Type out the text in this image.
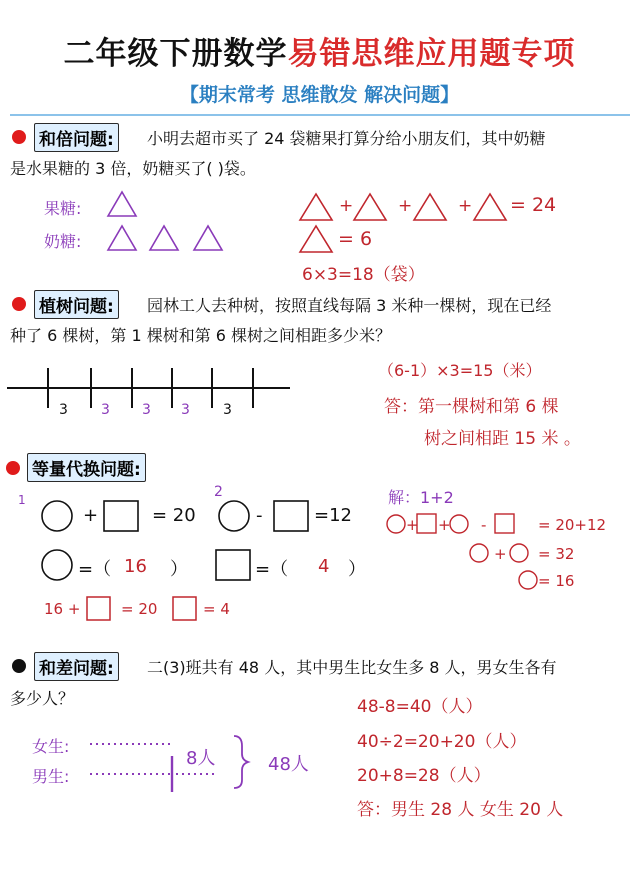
二年级下册数学易错思维应用题专项
【期末常考 思维散发 解决问题】
和倍问题:	小明去超市买了 24 袋糖果打算分给小朋友们，其中奶糖
是水果糖的 3 倍，奶糖买了( )袋。
果糖:
奶糖:
+	+	+ = 24
= 6
6×3=18（袋）
植树问题:	园林工人去种树，按照直线每隔 3 米种一棵树，现在已经
种了 6 棵树，第 1 棵树和第 6 棵树之间相距多少米？
3 3 3 3 3
（6-1）×3=15（米）
答：第一棵树和第 6 棵
树之间相距 15 米 。
等量代换问题:
1	2
+	= 20	-	=12
=（ 16 ）	=（ 4 ）
16 +	= 20	= 4
解：1+2
+ + -
+
= 20+12
= 32
= 16
和差问题:	二(3)班共有 48 人，其中男生比女生多 8 人，男女生各有
多少人？
女生:
男生:
8人	48人
48-8=40（人）
40÷2=20+20（人）
20+8=28（人）
答：男生 28 人 女生 20 人
